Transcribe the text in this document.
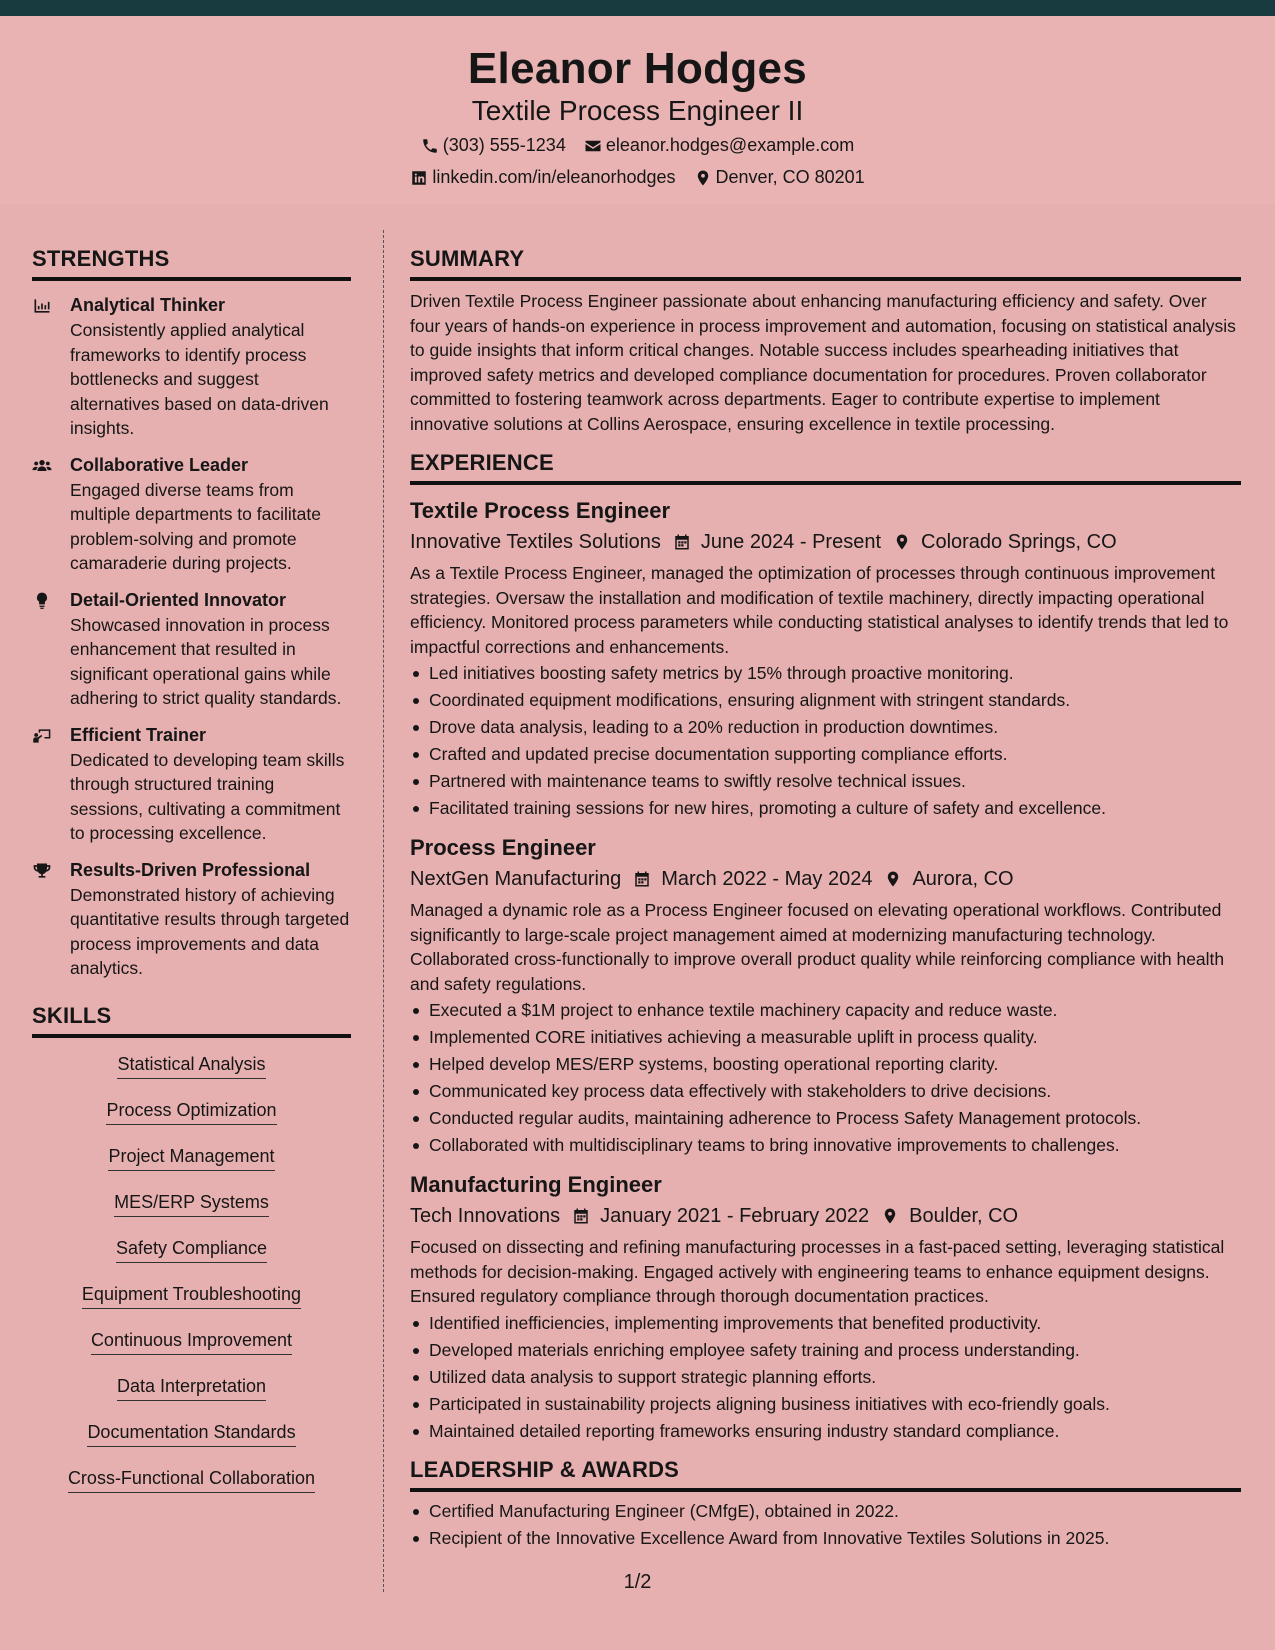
Eleanor Hodges
Textile Process Engineer II
(303) 555-1234 eleanor.hodges@example.com
linkedin.com/in/eleanorhodges Denver, CO 80201
STRENGTHS
Analytical Thinker
Consistently applied analytical frameworks to identify process bottlenecks and suggest alternatives based on data-driven insights.
Collaborative Leader
Engaged diverse teams from multiple departments to facilitate problem-solving and promote camaraderie during projects.
Detail-Oriented Innovator
Showcased innovation in process enhancement that resulted in significant operational gains while adhering to strict quality standards.
Efficient Trainer
Dedicated to developing team skills through structured training sessions, cultivating a commitment to processing excellence.
Results-Driven Professional
Demonstrated history of achieving quantitative results through targeted process improvements and data analytics.
SKILLS
Statistical Analysis
Process Optimization
Project Management
MES/ERP Systems
Safety Compliance
Equipment Troubleshooting
Continuous Improvement
Data Interpretation
Documentation Standards
Cross-Functional Collaboration
SUMMARY
Driven Textile Process Engineer passionate about enhancing manufacturing efficiency and safety. Over four years of hands-on experience in process improvement and automation, focusing on statistical analysis to guide insights that inform critical changes. Notable success includes spearheading initiatives that improved safety metrics and developed compliance documentation for procedures. Proven collaborator committed to fostering teamwork across departments. Eager to contribute expertise to implement innovative solutions at Collins Aerospace, ensuring excellence in textile processing.
EXPERIENCE
Textile Process Engineer
Innovative Textiles Solutions June 2024 - Present Colorado Springs, CO
As a Textile Process Engineer, managed the optimization of processes through continuous improvement strategies. Oversaw the installation and modification of textile machinery, directly impacting operational efficiency. Monitored process parameters while conducting statistical analyses to identify trends that led to impactful corrections and enhancements.
Led initiatives boosting safety metrics by 15% through proactive monitoring.
Coordinated equipment modifications, ensuring alignment with stringent standards.
Drove data analysis, leading to a 20% reduction in production downtimes.
Crafted and updated precise documentation supporting compliance efforts.
Partnered with maintenance teams to swiftly resolve technical issues.
Facilitated training sessions for new hires, promoting a culture of safety and excellence.
Process Engineer
NextGen Manufacturing March 2022 - May 2024 Aurora, CO
Managed a dynamic role as a Process Engineer focused on elevating operational workflows. Contributed significantly to large-scale project management aimed at modernizing manufacturing technology. Collaborated cross-functionally to improve overall product quality while reinforcing compliance with health and safety regulations.
Executed a $1M project to enhance textile machinery capacity and reduce waste.
Implemented CORE initiatives achieving a measurable uplift in process quality.
Helped develop MES/ERP systems, boosting operational reporting clarity.
Communicated key process data effectively with stakeholders to drive decisions.
Conducted regular audits, maintaining adherence to Process Safety Management protocols.
Collaborated with multidisciplinary teams to bring innovative improvements to challenges.
Manufacturing Engineer
Tech Innovations January 2021 - February 2022 Boulder, CO
Focused on dissecting and refining manufacturing processes in a fast-paced setting, leveraging statistical methods for decision-making. Engaged actively with engineering teams to enhance equipment designs. Ensured regulatory compliance through thorough documentation practices.
Identified inefficiencies, implementing improvements that benefited productivity.
Developed materials enriching employee safety training and process understanding.
Utilized data analysis to support strategic planning efforts.
Participated in sustainability projects aligning business initiatives with eco-friendly goals.
Maintained detailed reporting frameworks ensuring industry standard compliance.
LEADERSHIP & AWARDS
Certified Manufacturing Engineer (CMfgE), obtained in 2022.
Recipient of the Innovative Excellence Award from Innovative Textiles Solutions in 2025.
1/2
